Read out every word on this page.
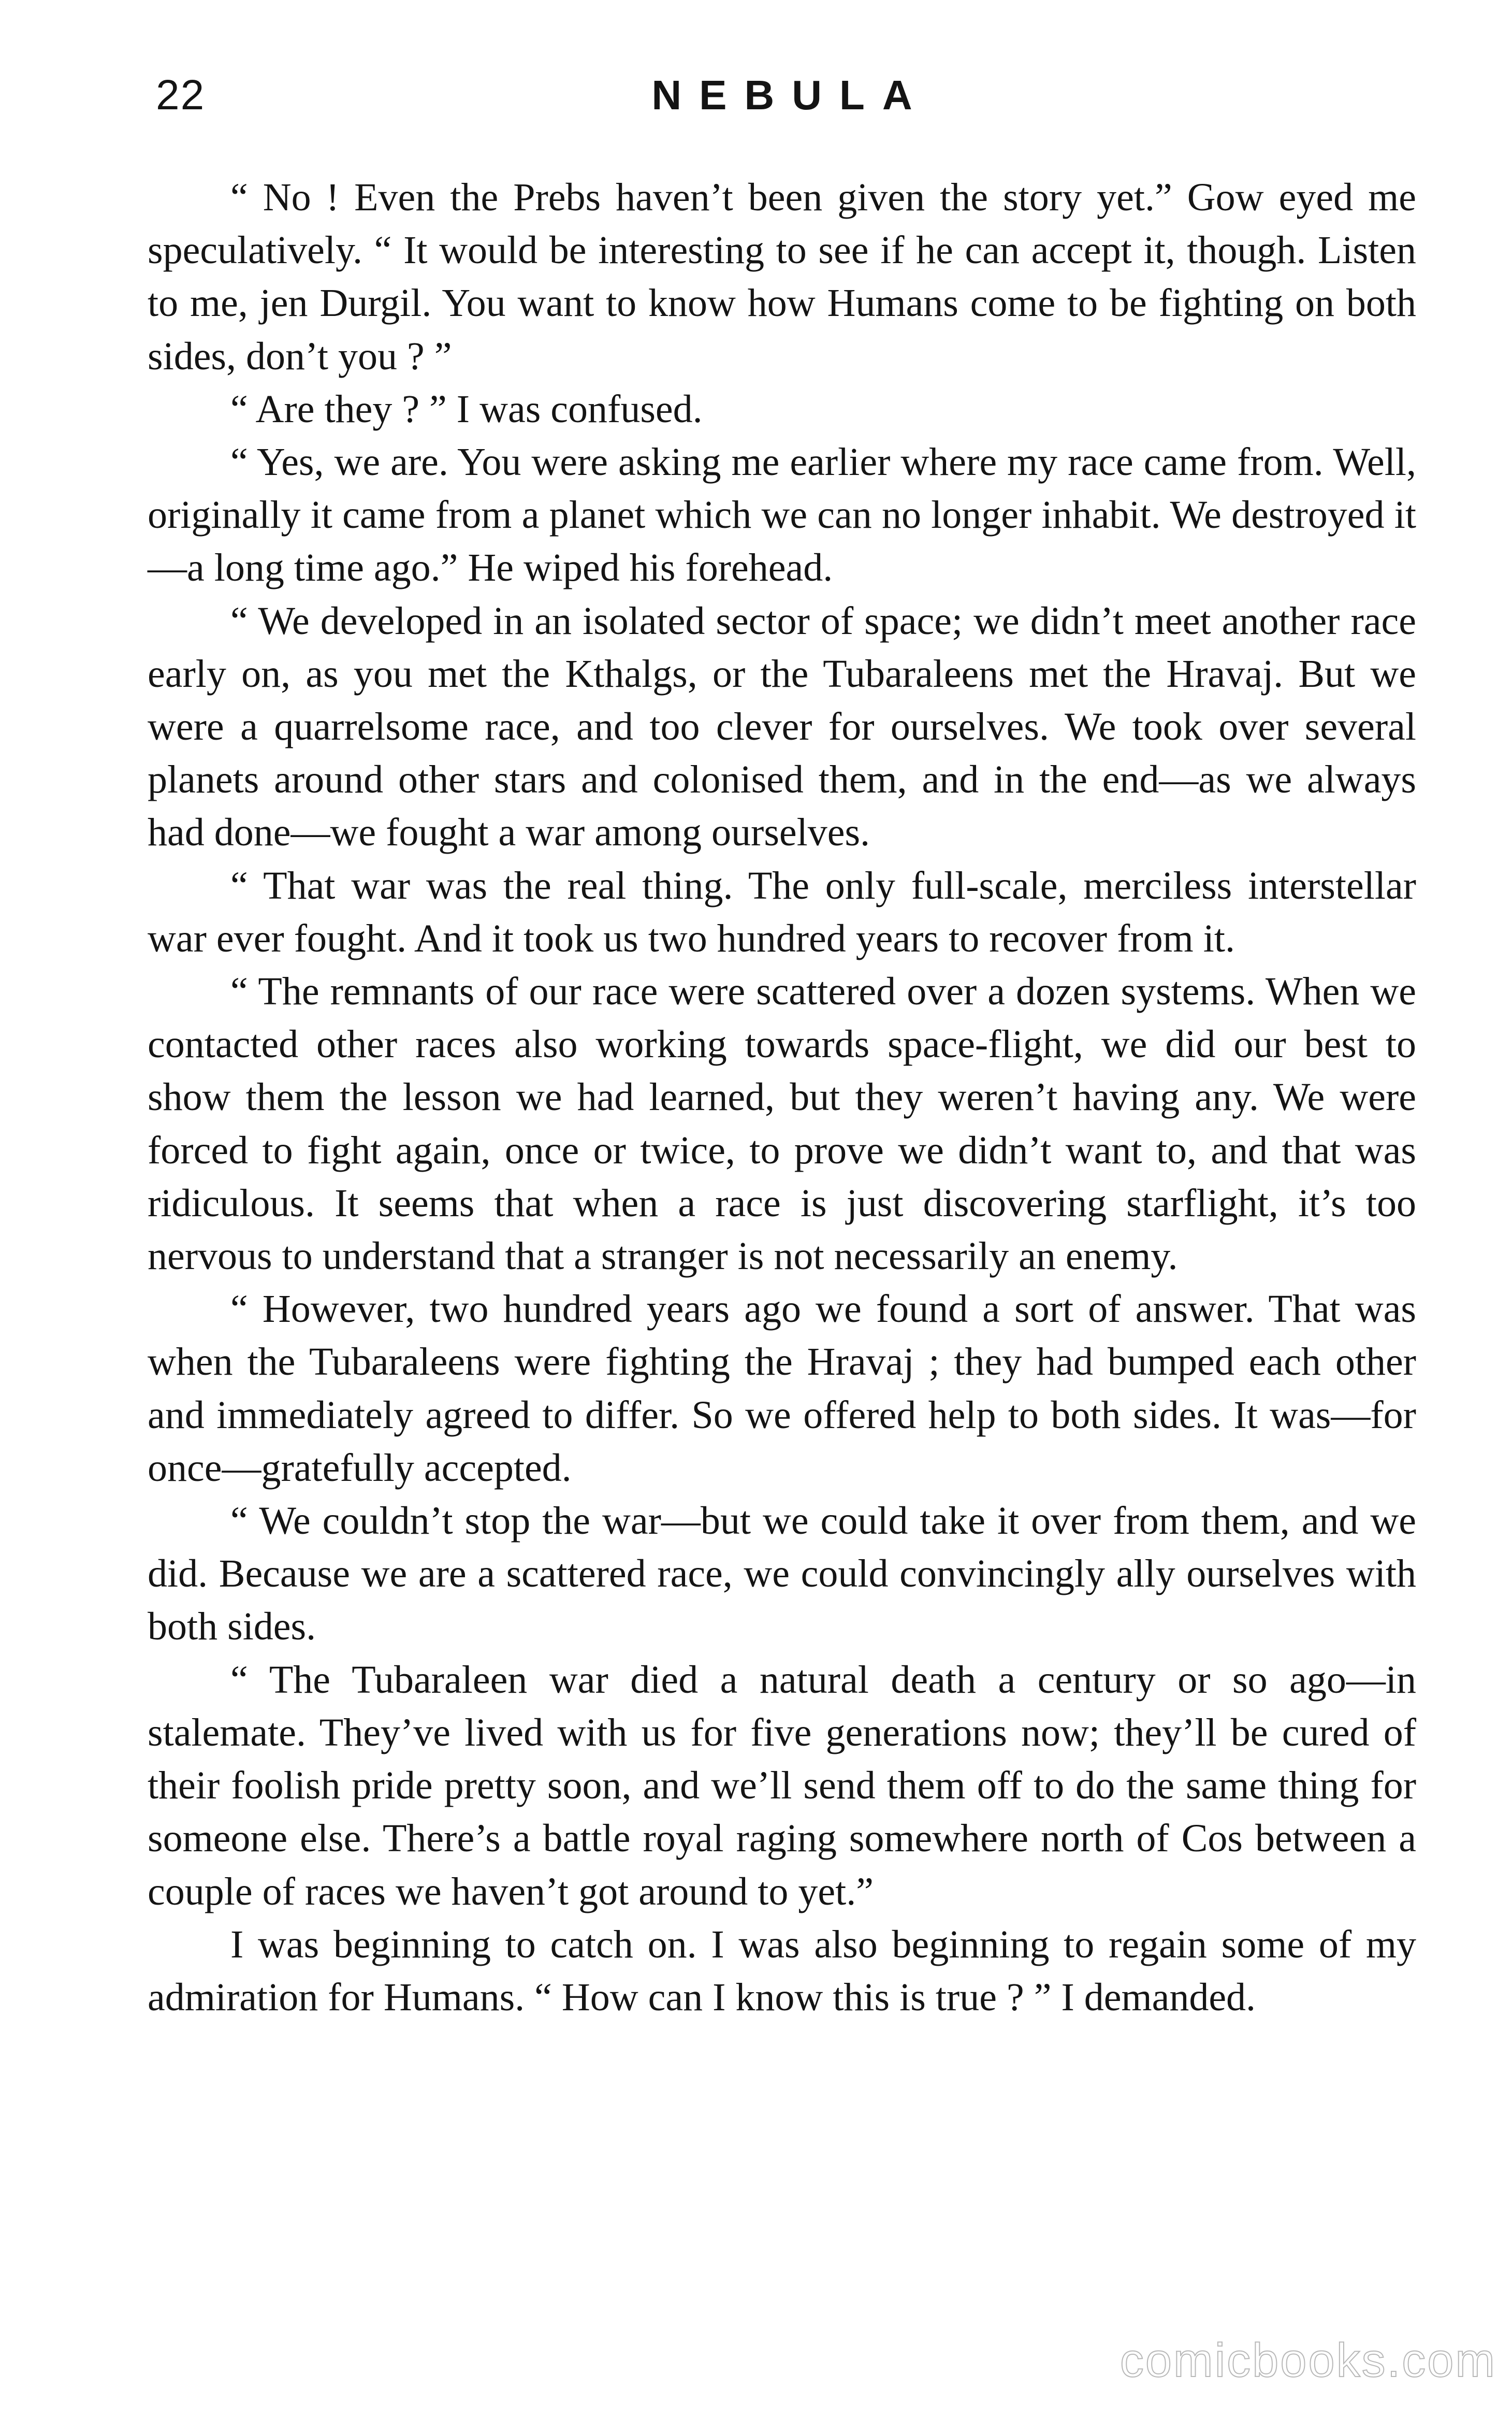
22	NEBULA

“ No ! Even the Prebs haven’t been given the story yet.” Gow eyed me speculatively. “ It would be interesting to see if he can accept it, though. Listen to me, jen Durgil. You want to know how Humans come to be fighting on both sides, don’t you ? ”

“ Are they ? ” I was confused.

“ Yes, we are. You were asking me earlier where my race came from. Well, originally it came from a planet which we can no longer inhabit. We destroyed it—a long time ago.” He wiped his forehead.

“ We developed in an isolated sector of space; we didn’t meet another race early on, as you met the Kthalgs, or the Tubaraleens met the Hravaj. But we were a quarrelsome race, and too clever for ourselves. We took over several planets around other stars and colonised them, and in the end—as we always had done—we fought a war among ourselves.

“ That war was the real thing. The only full-scale, merciless interstellar war ever fought. And it took us two hundred years to recover from it.

“ The remnants of our race were scattered over a dozen systems. When we contacted other races also working towards space-flight, we did our best to show them the lesson we had learned, but they weren’t having any. We were forced to fight again, once or twice, to prove we didn’t want to, and that was ridiculous. It seems that when a race is just discovering starflight, it’s too nervous to understand that a stranger is not necessarily an enemy.

“ However, two hundred years ago we found a sort of answer. That was when the Tubaraleens were fighting the Hravaj ; they had bumped each other and immediately agreed to differ. So we offered help to both sides. It was—for once—gratefully accepted.

“ We couldn’t stop the war—but we could take it over from them, and we did. Because we are a scattered race, we could convincingly ally ourselves with both sides.

“ The Tubaraleen war died a natural death a century or so ago—in stalemate. They’ve lived with us for five generations now; they’ll be cured of their foolish pride pretty soon, and we’ll send them off to do the same thing for someone else. There’s a battle royal raging somewhere north of Cos between a couple of races we haven’t got around to yet.”

I was beginning to catch on. I was also beginning to regain some of my admiration for Humans. “ How can I know this is true ? ” I demanded.

comicbooks.com
